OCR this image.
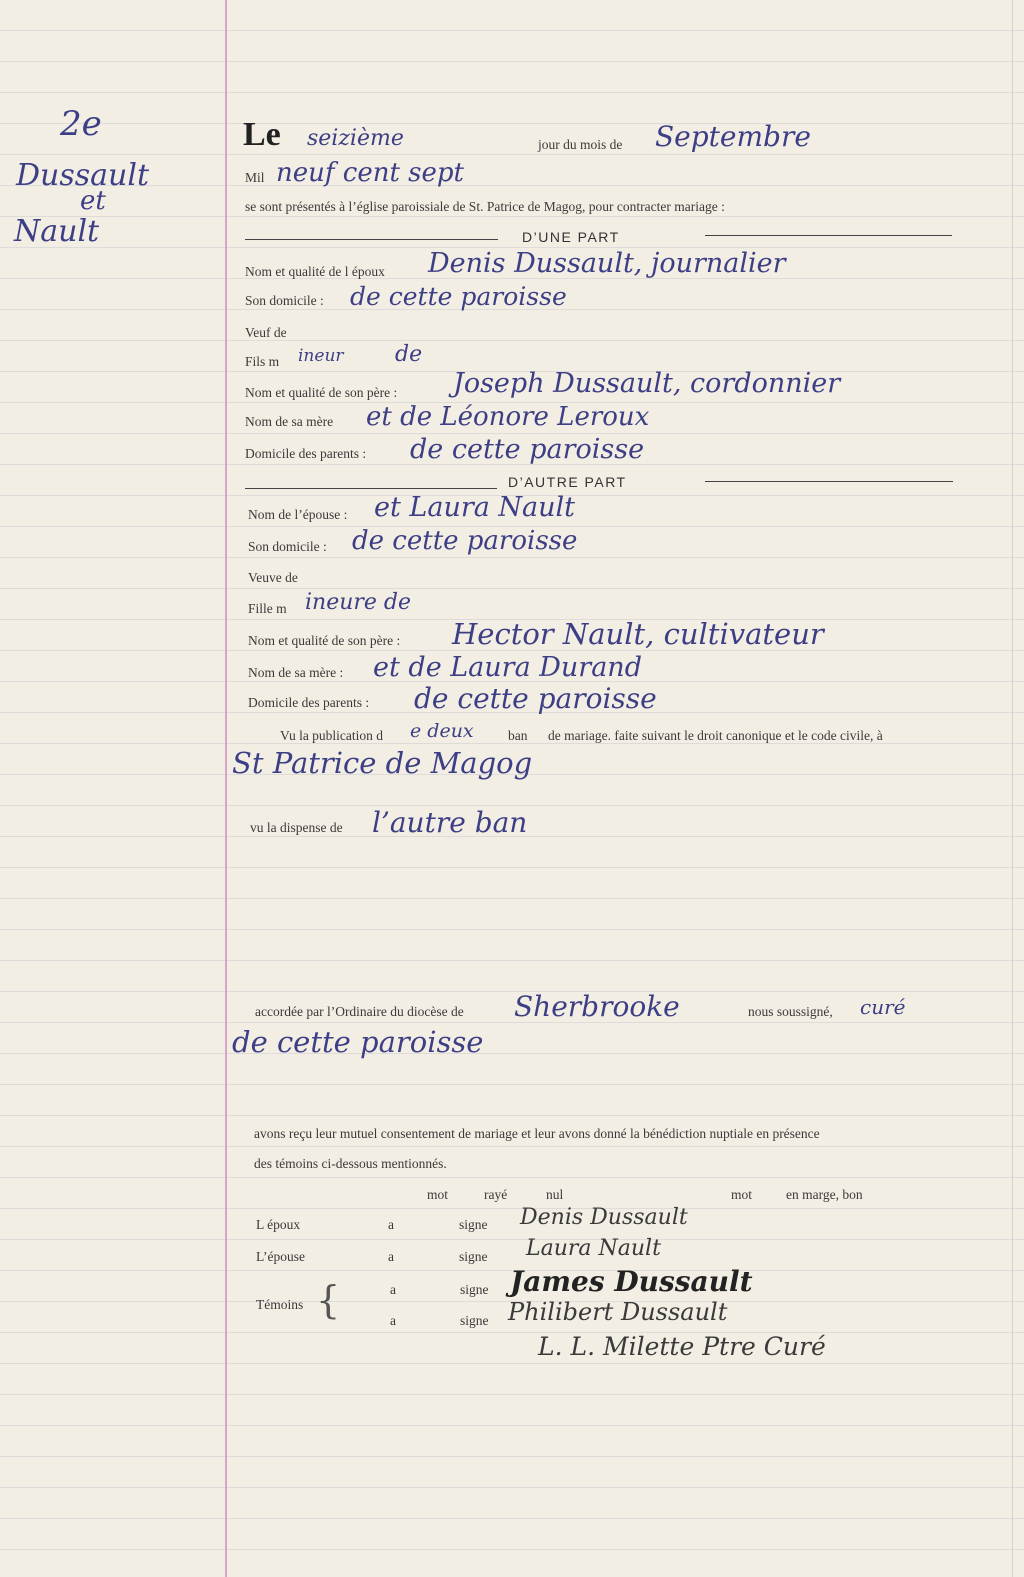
2e
Dussault
et
Nault
Le seizième	jour du mois de Septembre
Mil neuf cent sept
se sont présentés à l’église paroissiale de St. Patrice de Magog, pour contracter mariage :
D’UNE PART
Nom et qualité de l époux Denis Dussault, journalier
Son domicile : de cette paroisse
Veuf de
Fils m ineur de
Nom et qualité de son père : Joseph Dussault, cordonnier
Nom de sa mère et de Léonore Leroux
Domicile des parents : de cette paroisse
D’AUTRE PART
Nom de l’épouse : et Laura Nault
Son domicile : de cette paroisse
Veuve de
Fille m ineure de
Nom et qualité de son père : Hector Nault, cultivateur
Nom de sa mère : et de Laura Durand
Domicile des parents : de cette paroisse
Vu la publication d e deux	ban de mariage. faite suivant le droit canonique et le code civile, à
St Patrice de Magog
vu la dispense de l’autre ban
accordée par l’Ordinaire du diocèse de Sherbrooke	nous soussigné, curé
de cette paroisse
avons reçu leur mutuel consentement de mariage et leur avons donné la bénédiction nuptiale en présence
des témoins ci-dessous mentionnés.
mot	rayé	nul	mot	en marge, bon
L époux	a	signe Denis Dussault
L’épouse	a	signe Laura Nault
Témoins {	a	signe James Dussault
a	signe Philibert Dussault
L. L. Milette Ptre Curé
